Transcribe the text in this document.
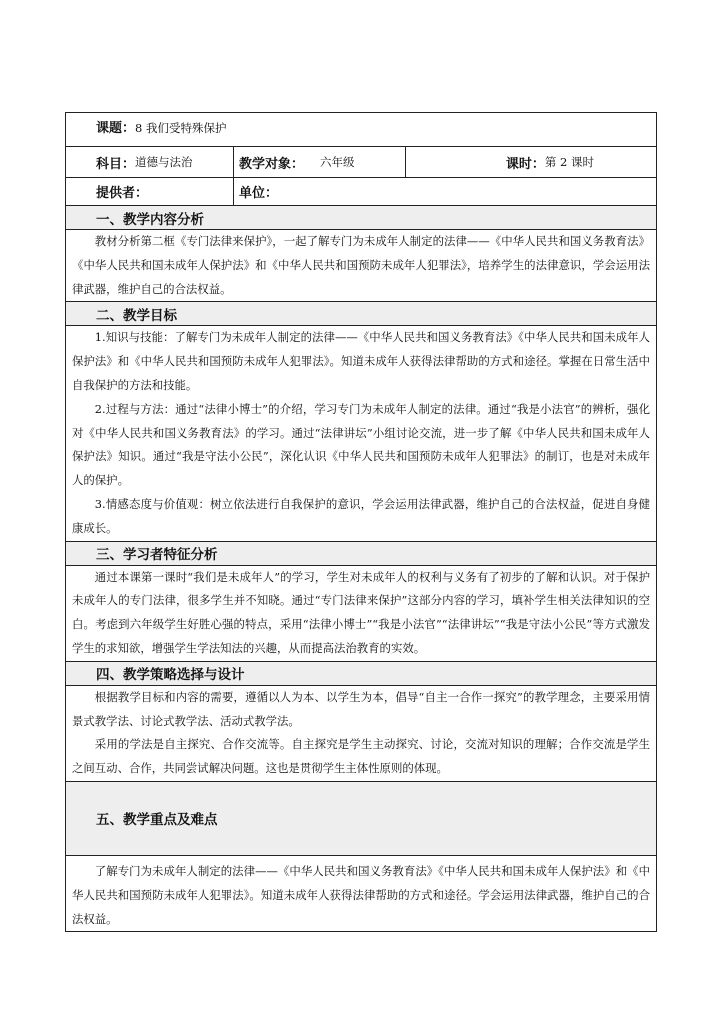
课题：8 我们受特殊保护
科目： 道德与法治	教学对象： 六年级	课时： 第 2 课时
提供者：	单位：
一、教学内容分析

教材分析第二框《专门法律来保护》，一起了解专门为未成年人制定的法律——《中华人民共和国义务教育法》《中华人民共和国未成年人保护法》和《中华人民共和国预防未成年人犯罪法》，培养学生的法律意识，学会运用法律武器，维护自己的合法权益。

二、教学目标

1.知识与技能：了解专门为未成年人制定的法律——《中华人民共和国义务教育法》《中华人民共和国未成年人保护法》和《中华人民共和国预防未成年人犯罪法》。知道未成年人获得法律帮助的方式和途径。掌握在日常生活中自我保护的方法和技能。

2.过程与方法：通过“法律小博士”的介绍，学习专门为未成年人制定的法律。通过“我是小法官”的辨析，强化对《中华人民共和国义务教育法》的学习。通过“法律讲坛”小组讨论交流，进一步了解《中华人民共和国未成年人保护法》知识。通过“我是守法小公民”，深化认识《中华人民共和国预防未成年人犯罪法》的制订，也是对未成年人的保护。

3.情感态度与价值观：树立依法进行自我保护的意识，学会运用法律武器，维护自己的合法权益，促进自身健康成长。

三、学习者特征分析

通过本课第一课时“我们是未成年人”的学习，学生对未成年人的权利与义务有了初步的了解和认识。对于保护未成年人的专门法律，很多学生并不知晓。通过“专门法律来保护”这部分内容的学习，填补学生相关法律知识的空白。考虑到六年级学生好胜心强的特点，采用“法律小博士”“我是小法官”“法律讲坛”“我是守法小公民”等方式激发学生的求知欲，增强学生学法知法的兴趣，从而提高法治教育的实效。

四、教学策略选择与设计

根据教学目标和内容的需要，遵循以人为本、以学生为本，倡导“自主一合作一探究”的教学理念，主要采用情景式教学法、讨论式教学法、活动式教学法。

采用的学法是自主探究、合作交流等。自主探究是学生主动探究、讨论，交流对知识的理解；合作交流是学生之间互动、合作，共同尝试解决问题。这也是贯彻学生主体性原则的体现。

五、教学重点及难点

了解专门为未成年人制定的法律——《中华人民共和国义务教育法》《中华人民共和国未成年人保护法》和《中华人民共和国预防未成年人犯罪法》。知道未成年人获得法律帮助的方式和途径。学会运用法律武器，维护自己的合法权益。
